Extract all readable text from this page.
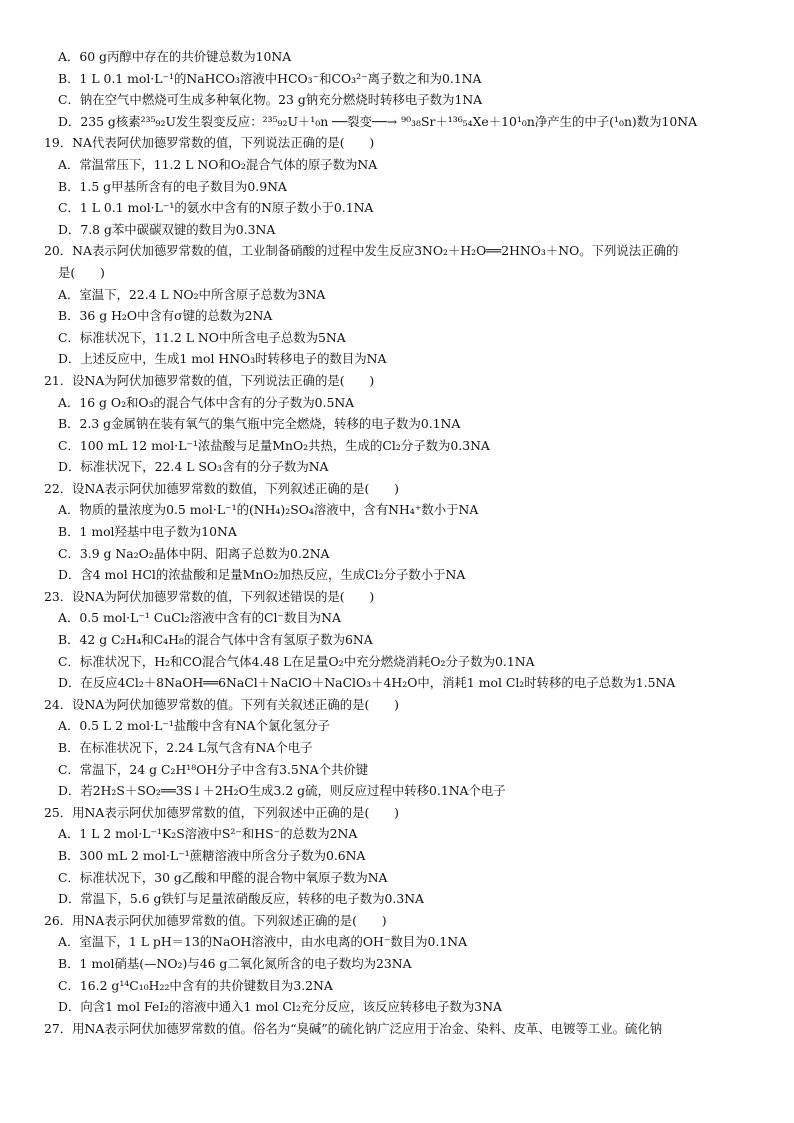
A．60 g丙醇中存在的共价键总数为10NA
B．1 L 0.1 mol·L⁻¹的NaHCO₃溶液中HCO₃⁻和CO₃²⁻离子数之和为0.1NA
C．钠在空气中燃烧可生成多种氧化物。23 g钠充分燃烧时转移电子数为1NA
D．235 g核素²³⁵₉₂U发生裂变反应：²³⁵₉₂U＋¹₀n ──裂变──→ ⁹⁰₃₈Sr＋¹³⁶₅₄Xe＋10¹₀n净产生的中子(¹₀n)数为10NA
19．NA代表阿伏加德罗常数的值，下列说法正确的是(　　)
A．常温常压下，11.2 L NO和O₂混合气体的原子数为NA
B．1.5 g甲基所含有的电子数目为0.9NA
C．1 L 0.1 mol·L⁻¹的氨水中含有的N原子数小于0.1NA
D．7.8 g苯中碳碳双键的数目为0.3NA
20．NA表示阿伏加德罗常数的值，工业制备硝酸的过程中发生反应3NO₂＋H₂O══2HNO₃＋NO。下列说法正确的
是(　　)
A．室温下，22.4 L NO₂中所含原子总数为3NA
B．36 g H₂O中含有σ键的总数为2NA
C．标准状况下，11.2 L NO中所含电子总数为5NA
D．上述反应中，生成1 mol HNO₃时转移电子的数目为NA
21．设NA为阿伏加德罗常数的值，下列说法正确的是(　　)
A．16 g O₂和O₃的混合气体中含有的分子数为0.5NA
B．2.3 g金属钠在装有氧气的集气瓶中完全燃烧，转移的电子数为0.1NA
C．100 mL 12 mol·L⁻¹浓盐酸与足量MnO₂共热，生成的Cl₂分子数为0.3NA
D．标准状况下，22.4 L SO₃含有的分子数为NA
22．设NA表示阿伏加德罗常数的数值，下列叙述正确的是(　　)
A．物质的量浓度为0.5 mol·L⁻¹的(NH₄)₂SO₄溶液中，含有NH₄⁺数小于NA
B．1 mol羟基中电子数为10NA
C．3.9 g Na₂O₂晶体中阴、阳离子总数为0.2NA
D．含4 mol HCl的浓盐酸和足量MnO₂加热反应，生成Cl₂分子数小于NA
23．设NA为阿伏加德罗常数的值，下列叙述错误的是(　　)
A．0.5 mol·L⁻¹ CuCl₂溶液中含有的Cl⁻数目为NA
B．42 g C₂H₄和C₄H₈的混合气体中含有氢原子数为6NA
C．标准状况下，H₂和CO混合气体4.48 L在足量O₂中充分燃烧消耗O₂分子数为0.1NA
D．在反应4Cl₂＋8NaOH══6NaCl＋NaClO＋NaClO₃＋4H₂O中，消耗1 mol Cl₂时转移的电子总数为1.5NA
24．设NA为阿伏加德罗常数的值。下列有关叙述正确的是(　　)
A．0.5 L 2 mol·L⁻¹盐酸中含有NA个氯化氢分子
B．在标准状况下，2.24 L氖气含有NA个电子
C．常温下，24 g C₂H¹⁸OH分子中含有3.5NA个共价键
D．若2H₂S＋SO₂══3S↓＋2H₂O生成3.2 g硫，则反应过程中转移0.1NA个电子
25．用NA表示阿伏加德罗常数的值，下列叙述中正确的是(　　)
A．1 L 2 mol·L⁻¹K₂S溶液中S²⁻和HS⁻的总数为2NA
B．300 mL 2 mol·L⁻¹蔗糖溶液中所含分子数为0.6NA
C．标准状况下，30 g乙酸和甲醛的混合物中氧原子数为NA
D．常温下，5.6 g铁钉与足量浓硝酸反应，转移的电子数为0.3NA
26．用NA表示阿伏加德罗常数的值。下列叙述正确的是(　　)
A．室温下，1 L pH＝13的NaOH溶液中，由水电离的OH⁻数目为0.1NA
B．1 mol硝基(—NO₂)与46 g二氧化氮所含的电子数均为23NA
C．16.2 g¹⁴C₁₀H₂₂中含有的共价键数目为3.2NA
D．向含1 mol FeI₂的溶液中通入1 mol Cl₂充分反应，该反应转移电子数为3NA
27．用NA表示阿伏加德罗常数的值。俗名为“臭碱”的硫化钠广泛应用于冶金、染料、皮革、电镀等工业。硫化钠
